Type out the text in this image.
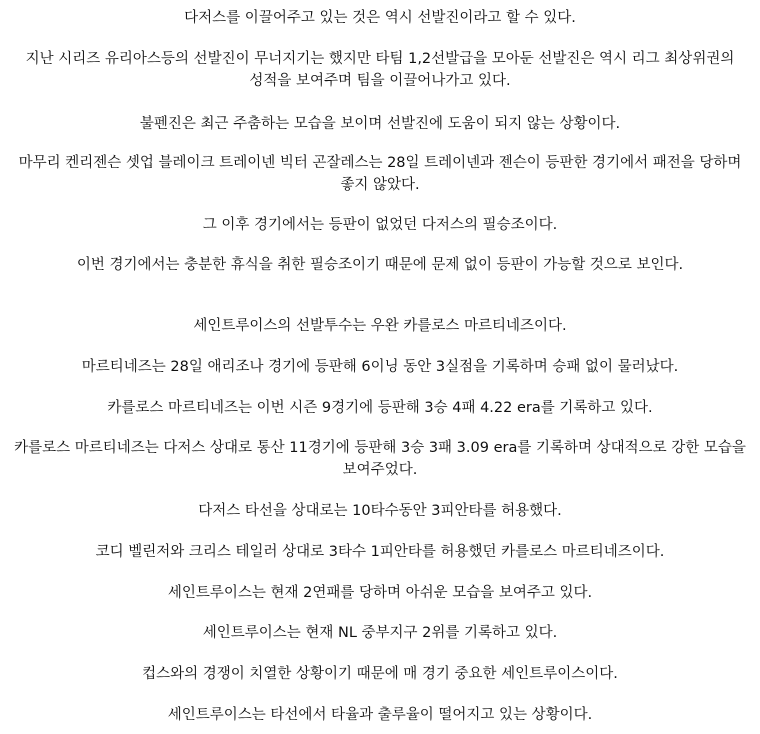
다저스를 이끌어주고 있는 것은 역시 선발진이라고 할 수 있다.

지난 시리즈 유리아스등의 선발진이 무너지기는 했지만 타팀 1,2선발급을 모아둔 선발진은 역시 리그 최상위권의 성적을 보여주며 팀을 이끌어나가고 있다.

불펜진은 최근 주춤하는 모습을 보이며 선발진에 도움이 되지 않는 상황이다.

마무리 켄리젠슨 셋업 블레이크 트레이넨 빅터 곤잘레스는 28일 트레이넨과 젠슨이 등판한 경기에서 패전을 당하며 좋지 않았다.

그 이후 경기에서는 등판이 없었던 다저스의 필승조이다.

이번 경기에서는 충분한 휴식을 취한 필승조이기 때문에 문제 없이 등판이 가능할 것으로 보인다.

세인트루이스의 선발투수는 우완 카를로스 마르티네즈이다.

마르티네즈는 28일 애리조나 경기에 등판해 6이닝 동안 3실점을 기록하며 승패 없이 물러났다.

카를로스 마르티네즈는 이번 시즌 9경기에 등판해 3승 4패 4.22 era를 기록하고 있다.

카를로스 마르티네즈는 다저스 상대로 통산 11경기에 등판해 3승 3패 3.09 era를 기록하며 상대적으로 강한 모습을 보여주었다.

다저스 타선을 상대로는 10타수동안 3피안타를 허용했다.

코디 벨린저와 크리스 테일러 상대로 3타수 1피안타를 허용했던 카를로스 마르티네즈이다.

세인트루이스는 현재 2연패를 당하며 아쉬운 모습을 보여주고 있다.

세인트루이스는 현재 NL 중부지구 2위를 기록하고 있다.

컵스와의 경쟁이 치열한 상황이기 때문에 매 경기 중요한 세인트루이스이다.

세인트루이스는 타선에서 타율과 출루율이 떨어지고 있는 상황이다.
